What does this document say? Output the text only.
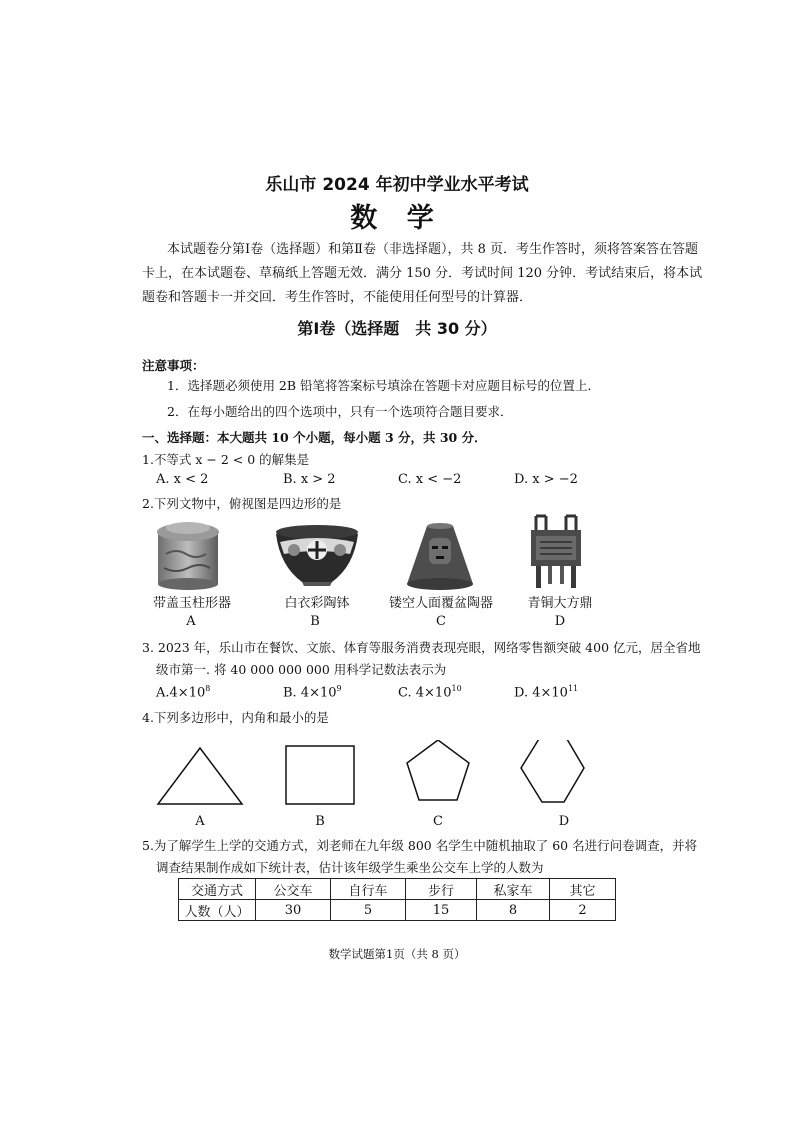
乐山市 2024 年初中学业水平考试

数 学

本试题卷分第Ⅰ卷（选择题）和第Ⅱ卷（非选择题），共 8 页．考生作答时，须将答案答在答题

卡上，在本试题卷、草稿纸上答题无效．满分 150 分．考试时间 120 分钟．考试结束后，将本试

题卷和答题卡一并交回．考生作答时，不能使用任何型号的计算器．

第Ⅰ卷（选择题　共 30 分）

注意事项：

1．选择题必须使用 2B 铅笔将答案标号填涂在答题卡对应题目标号的位置上．

2．在每小题给出的四个选项中，只有一个选项符合题目要求．

一、选择题：本大题共 10 个小题，每小题 3 分，共 30 分．

1.不等式 x − 2 < 0 的解集是

A. x < 2	B. x > 2	C. x < −2	D. x > −2

2.下列文物中，俯视图是四边形的是

带盖玉柱形器	白衣彩陶钵	镂空人面覆盆陶器	青铜大方鼎

A	B	C	D

3. 2023 年，乐山市在餐饮、文旅、体育等服务消费表现亮眼，网络零售额突破 400 亿元，居全省地

级市第一. 将 40 000 000 000 用科学记数法表示为

$A.4\times 10^8$	B. $4\times 10^9$	C. $4\times 10^{10}$	D. $4\times 10^{11}$

4.下列多边形中，内角和最小的是

A	B	C	D

5.为了解学生上学的交通方式，刘老师在九年级 800 名学生中随机抽取了 60 名进行问卷调查，并将

调查结果制作成如下统计表，估计该年级学生乘坐公交车上学的人数为

交通方式	公交车	自行车	步行	私家车	其它
人数（人）	30	5	15	8	2

数学试题第1页（共 8 页）
